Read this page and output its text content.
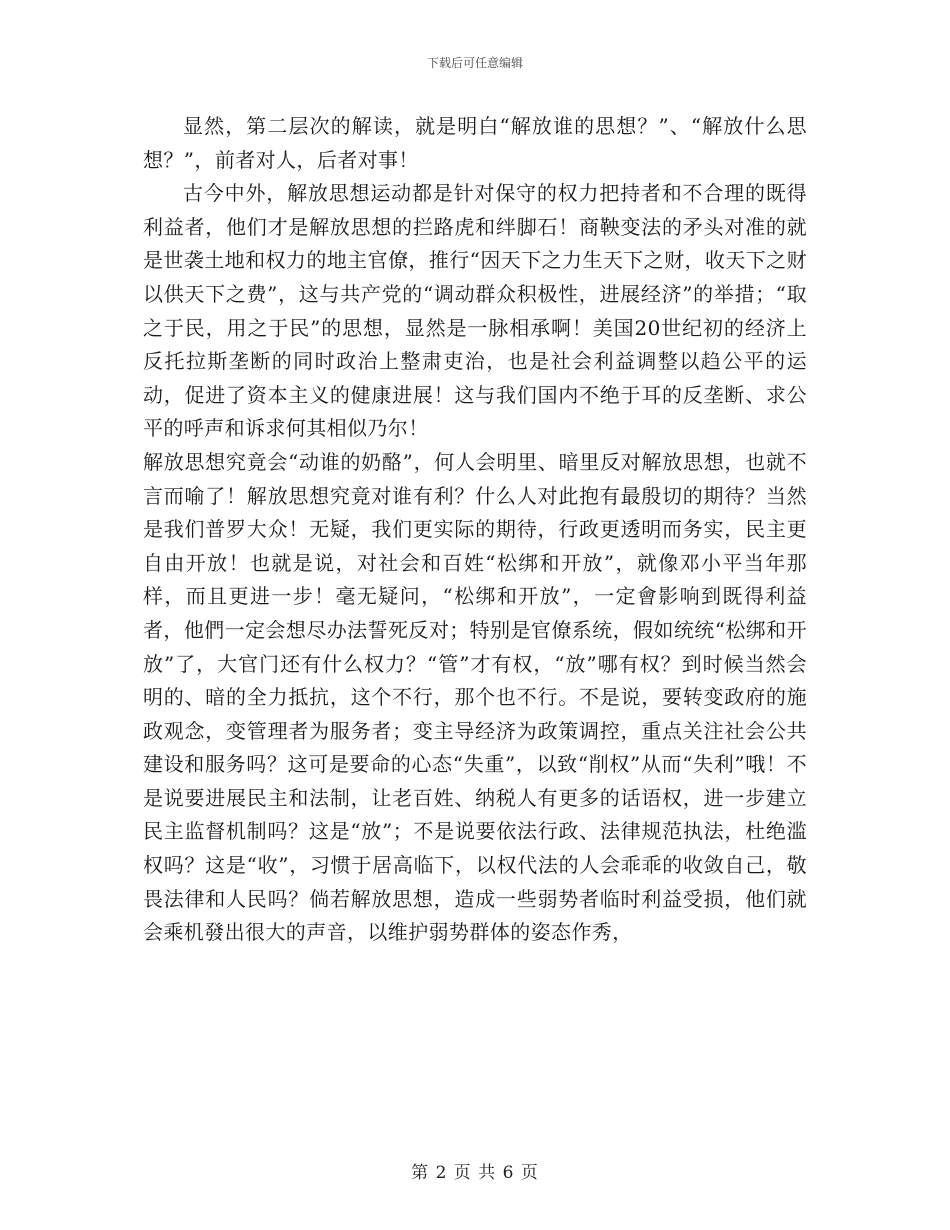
下载后可任意编辑

显然，第二层次的解读，就是明白“解放谁的思想？”、“解放什么思想？”，前者对人，后者对事！

古今中外，解放思想运动都是针对保守的权力把持者和不合理的既得利益者，他们才是解放思想的拦路虎和绊脚石！商鞅变法的矛头对准的就是世袭土地和权力的地主官僚，推行“因天下之力生天下之财，收天下之财以供天下之费”，这与共产党的“调动群众积极性，进展经济”的举措；“取之于民，用之于民”的思想，显然是一脉相承啊！美国20世纪初的经济上反托拉斯垄断的同时政治上整肃吏治，也是社会利益调整以趋公平的运动，促进了资本主义的健康进展！这与我们国内不绝于耳的反垄断、求公平的呼声和诉求何其相似乃尔！

解放思想究竟会“动谁的奶酪”，何人会明里、暗里反对解放思想，也就不言而喻了！解放思想究竟对谁有利？什么人对此抱有最殷切的期待？当然是我们普罗大众！无疑，我们更实际的期待，行政更透明而务实，民主更自由开放！也就是说，对社会和百姓“松绑和开放”，就像邓小平当年那样，而且更进一步！毫无疑问，“松绑和开放”，一定會影响到既得利益者，他們一定会想尽办法誓死反对；特别是官僚系统，假如统统“松绑和开放”了，大官门还有什么权力？“管”才有权，“放”哪有权？到时候当然会明的、暗的全力抵抗，这个不行，那个也不行。不是说，要转变政府的施政观念，变管理者为服务者；变主导经济为政策调控，重点关注社会公共建设和服务吗？这可是要命的心态“失重”，以致“削权”从而“失利”哦！不是说要进展民主和法制，让老百姓、纳税人有更多的话语权，进一步建立民主监督机制吗？这是“放”；不是说要依法行政、法律规范执法，杜绝滥权吗？这是“收”，习惯于居高临下，以权代法的人会乖乖的收敛自己，敬畏法律和人民吗？倘若解放思想，造成一些弱势者临时利益受损，他们就会乘机發出很大的声音，以维护弱势群体的姿态作秀，

第 2 页 共 6 页
